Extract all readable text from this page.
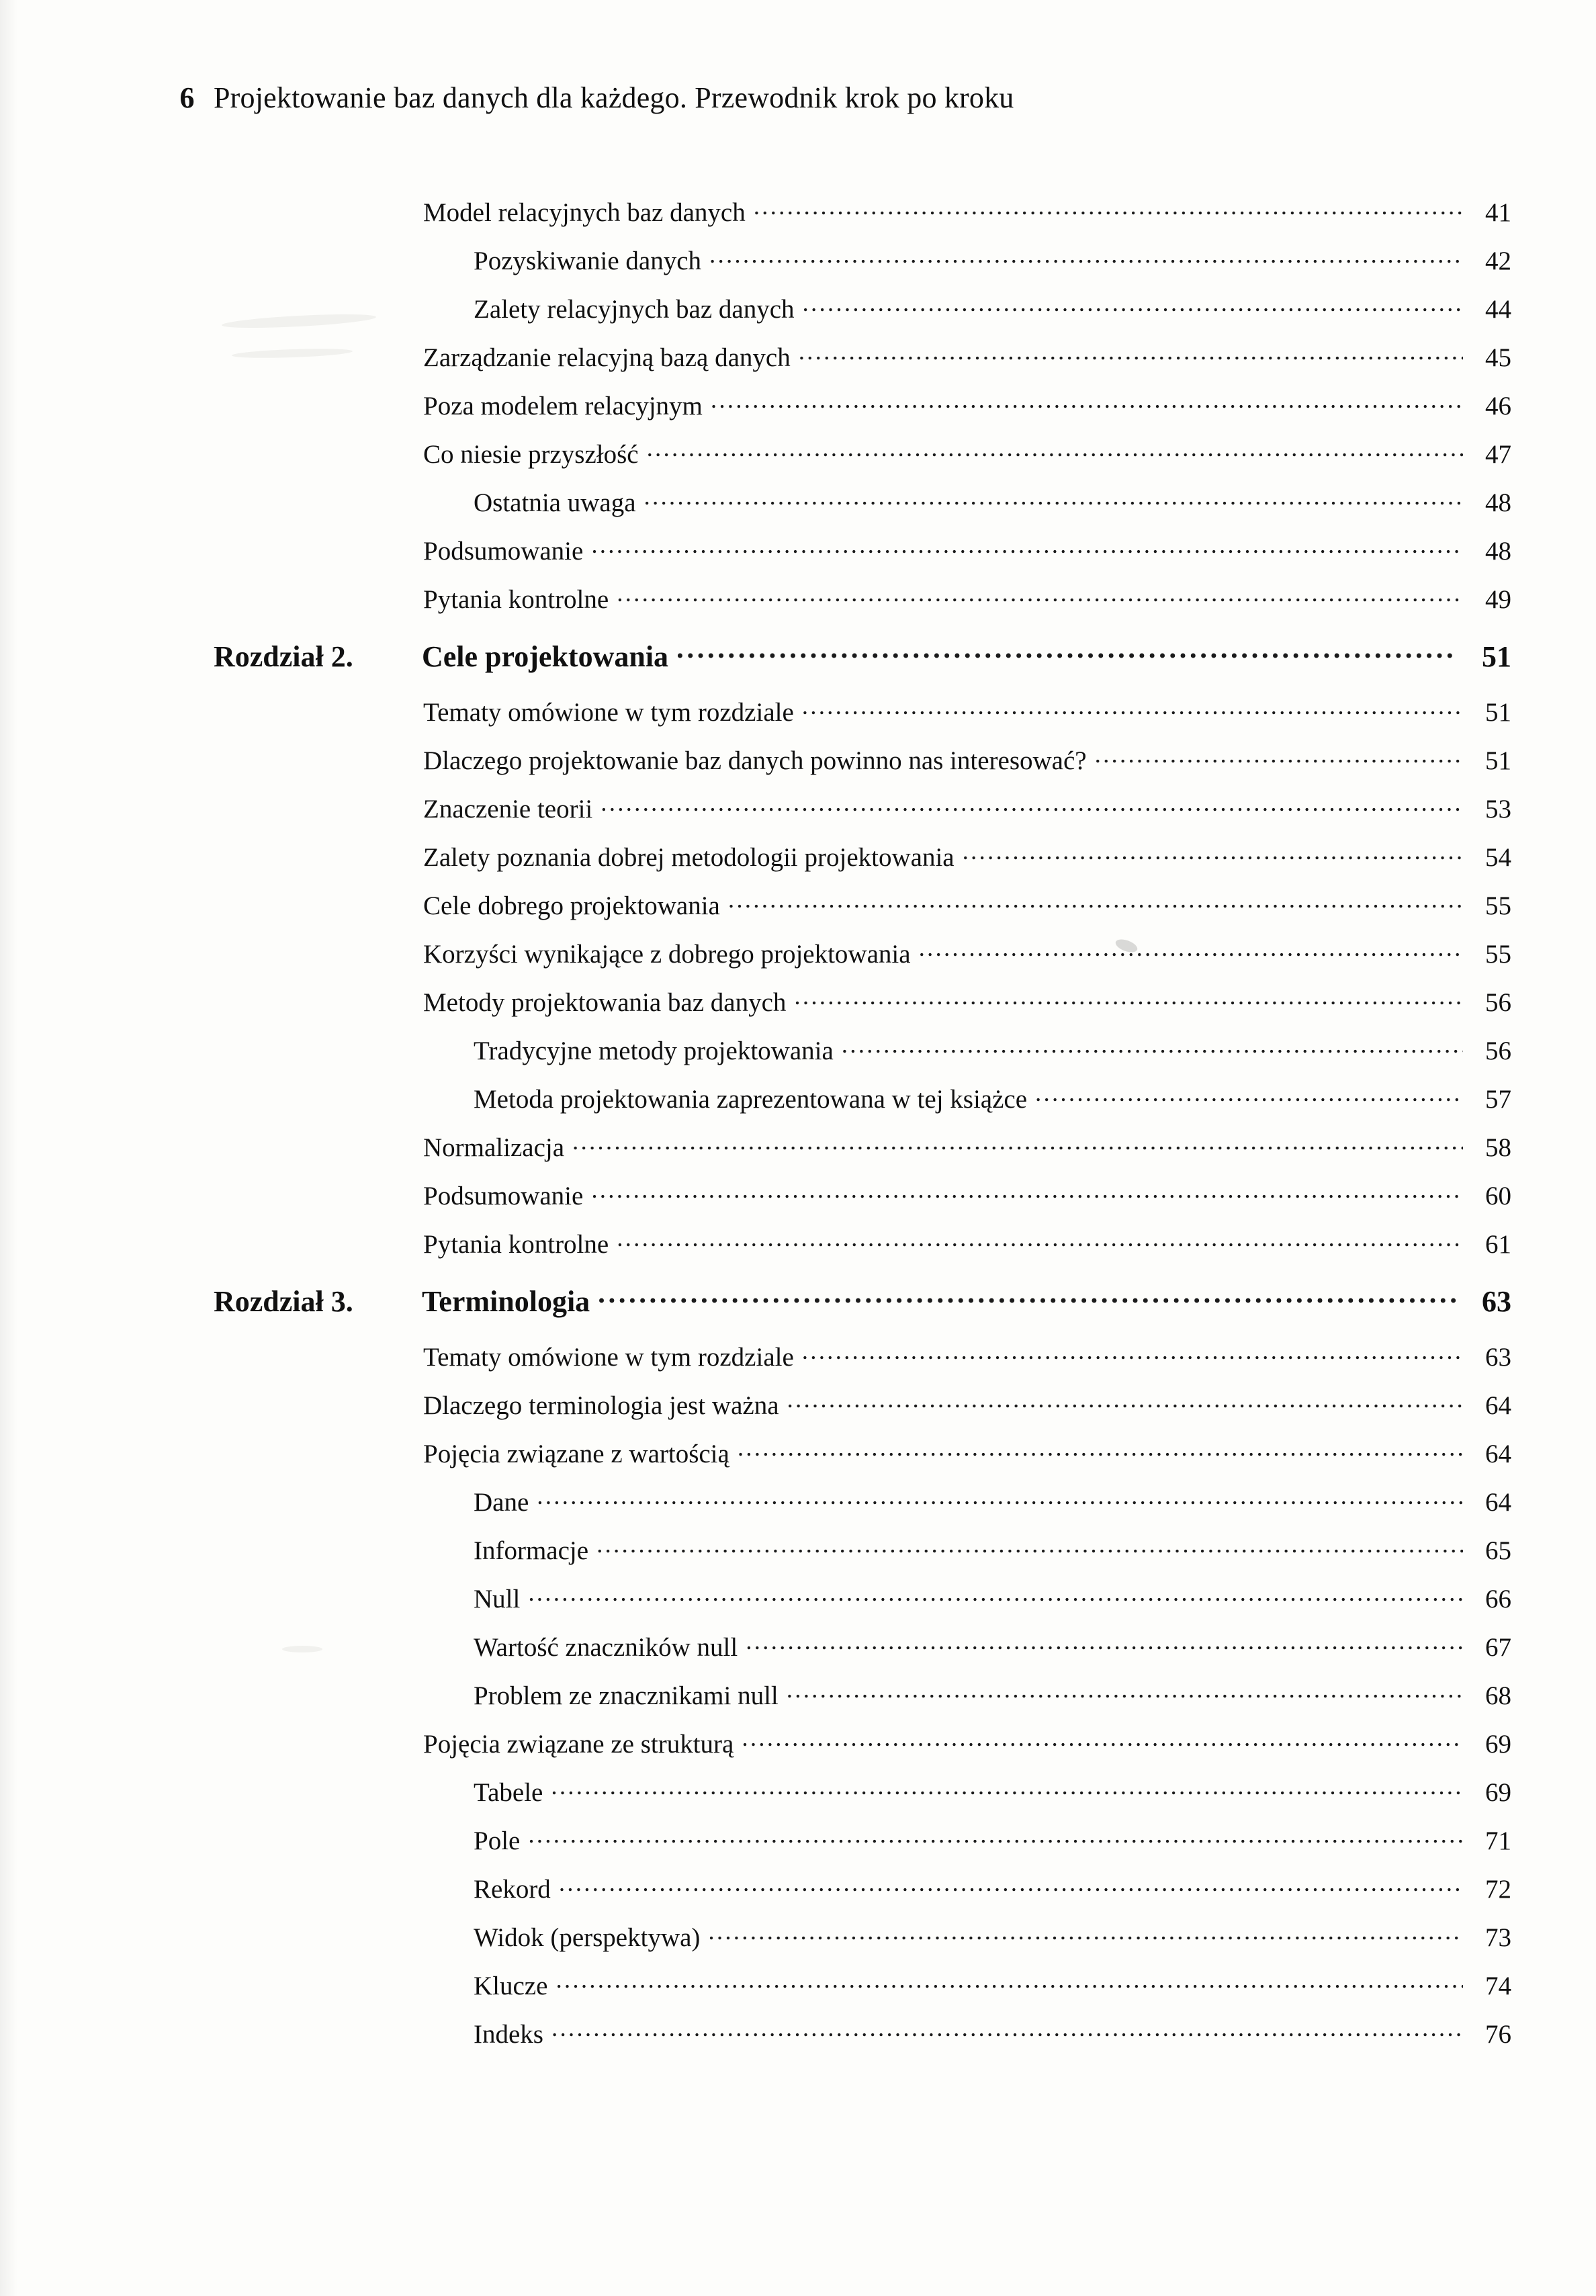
6 Projektowanie baz danych dla każdego. Przewodnik krok po kroku
Model relacyjnych baz danych .....	41
Pozyskiwanie danych .....	42
Zalety relacyjnych baz danych .....	44
Zarządzanie relacyjną bazą danych .....	45
Poza modelem relacyjnym .....	46
Co niesie przyszłość .....	47
Ostatnia uwaga .....	48
Podsumowanie .....	48
Pytania kontrolne .....	49
Rozdział 2.	Cele projektowania .....	51
Tematy omówione w tym rozdziale .....	51
Dlaczego projektowanie baz danych powinno nas interesować? .....	51
Znaczenie teorii .....	53
Zalety poznania dobrej metodologii projektowania .....	54
Cele dobrego projektowania .....	55
Korzyści wynikające z dobrego projektowania .....	55
Metody projektowania baz danych .....	56
Tradycyjne metody projektowania .....	56
Metoda projektowania zaprezentowana w tej książce .....	57
Normalizacja .....	58
Podsumowanie .....	60
Pytania kontrolne .....	61
Rozdział 3.	Terminologia .....	63
Tematy omówione w tym rozdziale .....	63
Dlaczego terminologia jest ważna .....	64
Pojęcia związane z wartością .....	64
Dane .....	64
Informacje .....	65
Null .....	66
Wartość znaczników null .....	67
Problem ze znacznikami null .....	68
Pojęcia związane ze strukturą .....	69
Tabele .....	69
Pole .....	71
Rekord .....	72
Widok (perspektywa) .....	73
Klucze .....	74
Indeks .....	76
